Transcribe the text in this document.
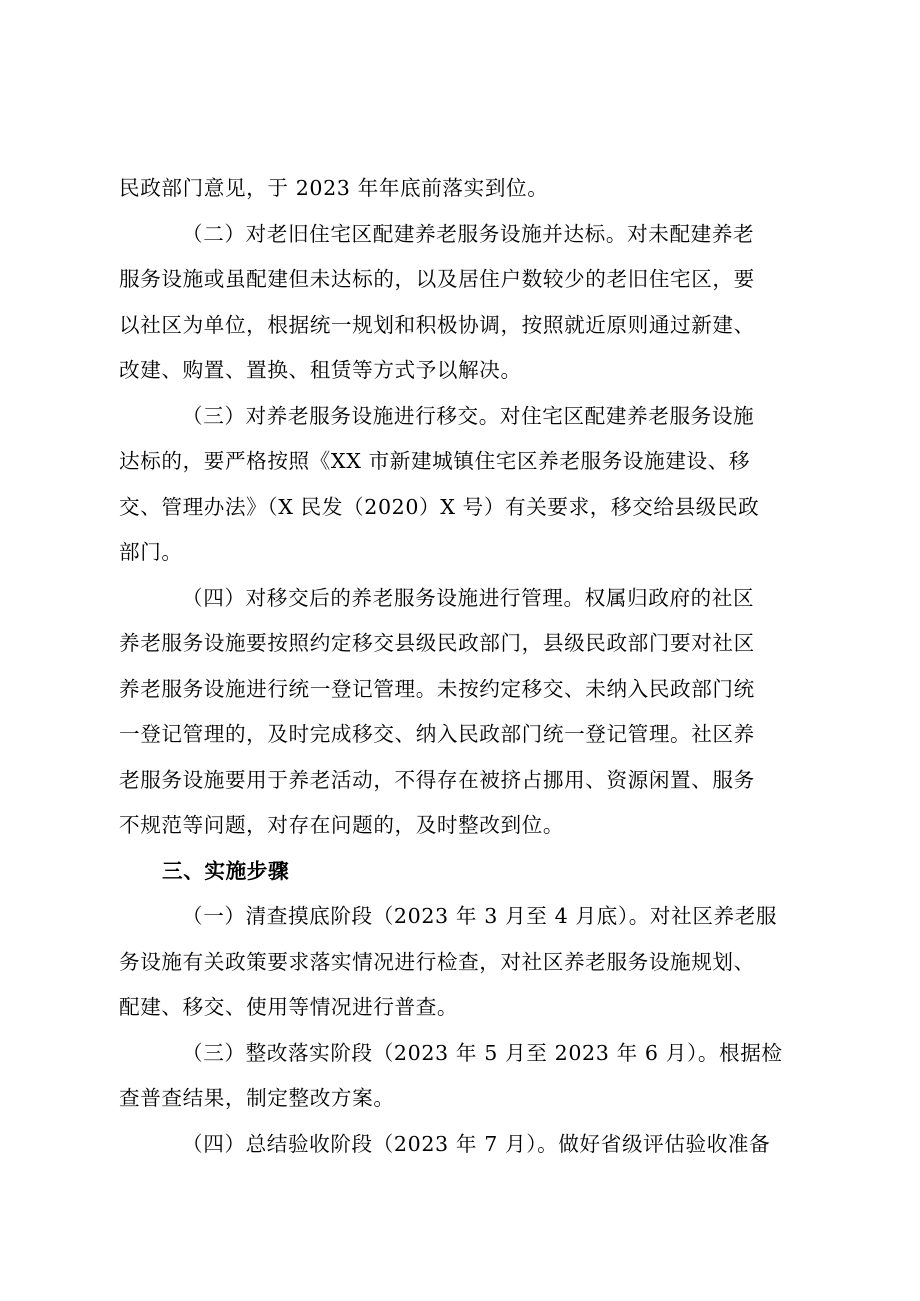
民政部门意见，于 2023 年年底前落实到位。
（二）对老旧住宅区配建养老服务设施并达标。对未配建养老
服务设施或虽配建但未达标的，以及居住户数较少的老旧住宅区，要
以社区为单位，根据统一规划和积极协调，按照就近原则通过新建、
改建、购置、置换、租赁等方式予以解决。
（三）对养老服务设施进行移交。对住宅区配建养老服务设施
达标的，要严格按照《XX 市新建城镇住宅区养老服务设施建设、移
交、管理办法》（X 民发（2020）X 号）有关要求，移交给县级民政
部门。
（四）对移交后的养老服务设施进行管理。权属归政府的社区
养老服务设施要按照约定移交县级民政部门，县级民政部门要对社区
养老服务设施进行统一登记管理。未按约定移交、未纳入民政部门统
一登记管理的，及时完成移交、纳入民政部门统一登记管理。社区养
老服务设施要用于养老活动，不得存在被挤占挪用、资源闲置、服务
不规范等问题，对存在问题的，及时整改到位。
三、实施步骤
（一）清查摸底阶段（2023 年 3 月至 4 月底）。对社区养老服
务设施有关政策要求落实情况进行检查，对社区养老服务设施规划、
配建、移交、使用等情况进行普查。
（三）整改落实阶段（2023 年 5 月至 2023 年 6 月）。根据检
查普查结果，制定整改方案。
（四）总结验收阶段（2023 年 7 月）。做好省级评估验收准备
